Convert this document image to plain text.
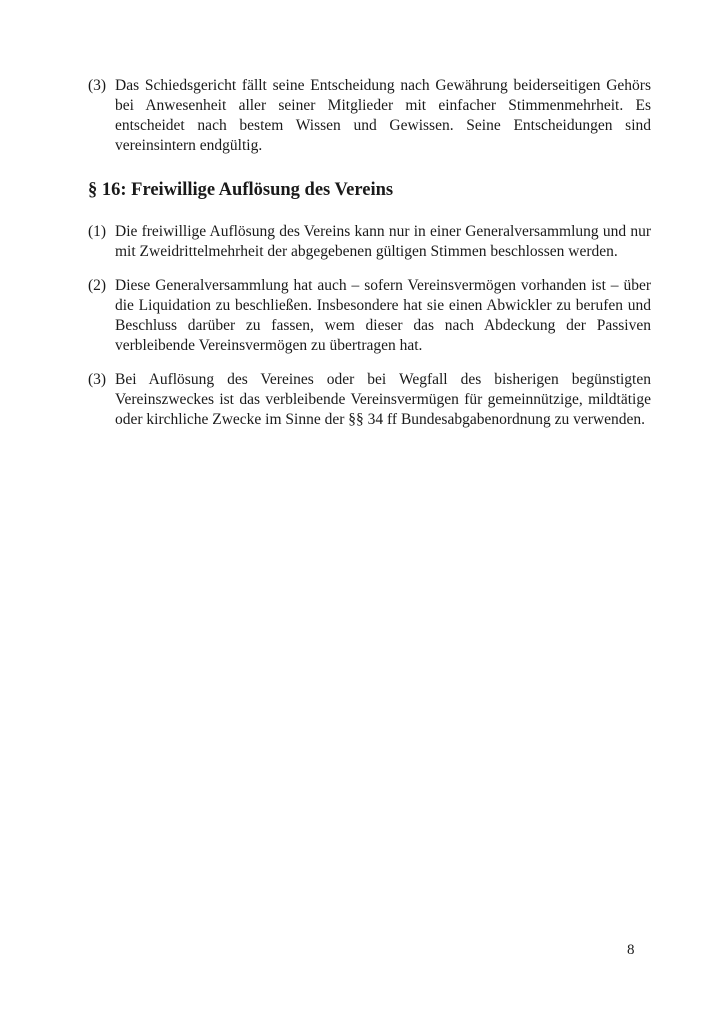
(3) Das Schiedsgericht fällt seine Entscheidung nach Gewährung beiderseitigen Gehörs bei Anwesenheit aller seiner Mitglieder mit einfacher Stimmenmehrheit. Es entscheidet nach bestem Wissen und Gewissen. Seine Entscheidungen sind vereinsintern endgültig.
§ 16: Freiwillige Auflösung des Vereins
(1) Die freiwillige Auflösung des Vereins kann nur in einer Generalversammlung und nur mit Zweidrittelmehrheit der abgegebenen gültigen Stimmen beschlossen werden.
(2) Diese Generalversammlung hat auch – sofern Vereinsvermögen vorhanden ist – über die Liquidation zu beschließen. Insbesondere hat sie einen Abwickler zu berufen und Beschluss darüber zu fassen, wem dieser das nach Abdeckung der Passiven verbleibende Vereinsvermögen zu übertragen hat.
(3) Bei Auflösung des Vereines oder bei Wegfall des bisherigen begünstigten Vereinszweckes ist das verbleibende Vereinsvermügen für gemeinnützige, mildtätige oder kirchliche Zwecke im Sinne der §§ 34 ff Bundesabgabenordnung zu verwenden.
8
